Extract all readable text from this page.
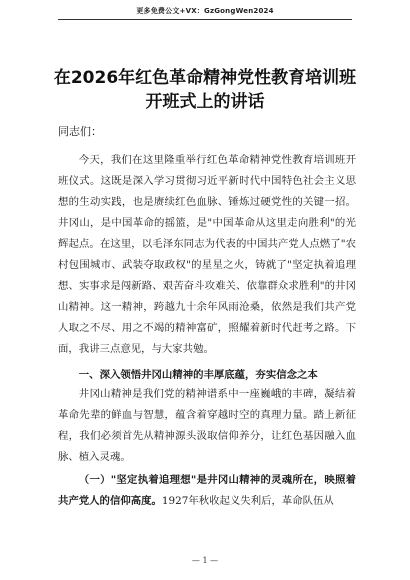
更多免费公文+VX：GzGongWen2024
在2026年红色革命精神党性教育培训班
开班式上的讲话
同志们：

今天，我们在这里隆重举行红色革命精神党性教育培训班开班仪式。这既是深入学习贯彻习近平新时代中国特色社会主义思想的生动实践，也是赓续红色血脉、锤炼过硬党性的关键一招。井冈山，是中国革命的摇篮，是"中国革命从这里走向胜利"的光辉起点。在这里，以毛泽东同志为代表的中国共产党人点燃了"农村包围城市、武装夺取政权"的星星之火，铸就了"坚定执着追理想、实事求是闯新路、艰苦奋斗攻难关、依靠群众求胜利"的井冈山精神。这一精神，跨越九十余年风雨沧桑，依然是我们共产党人取之不尽、用之不竭的精神富矿，照耀着新时代赶考之路。下面，我讲三点意见，与大家共勉。

一、深入领悟井冈山精神的丰厚底蕴，夯实信念之本

井冈山精神是我们党的精神谱系中一座巍峨的丰碑，凝结着革命先辈的鲜血与智慧，蕴含着穿越时空的真理力量。踏上新征程，我们必须首先从精神源头汲取信仰养分，让红色基因融入血脉、植入灵魂。

（一）"坚定执着追理想"是井冈山精神的灵魂所在，映照着共产党人的信仰高度。1927年秋收起义失利后，革命队伍从

— 1 —
